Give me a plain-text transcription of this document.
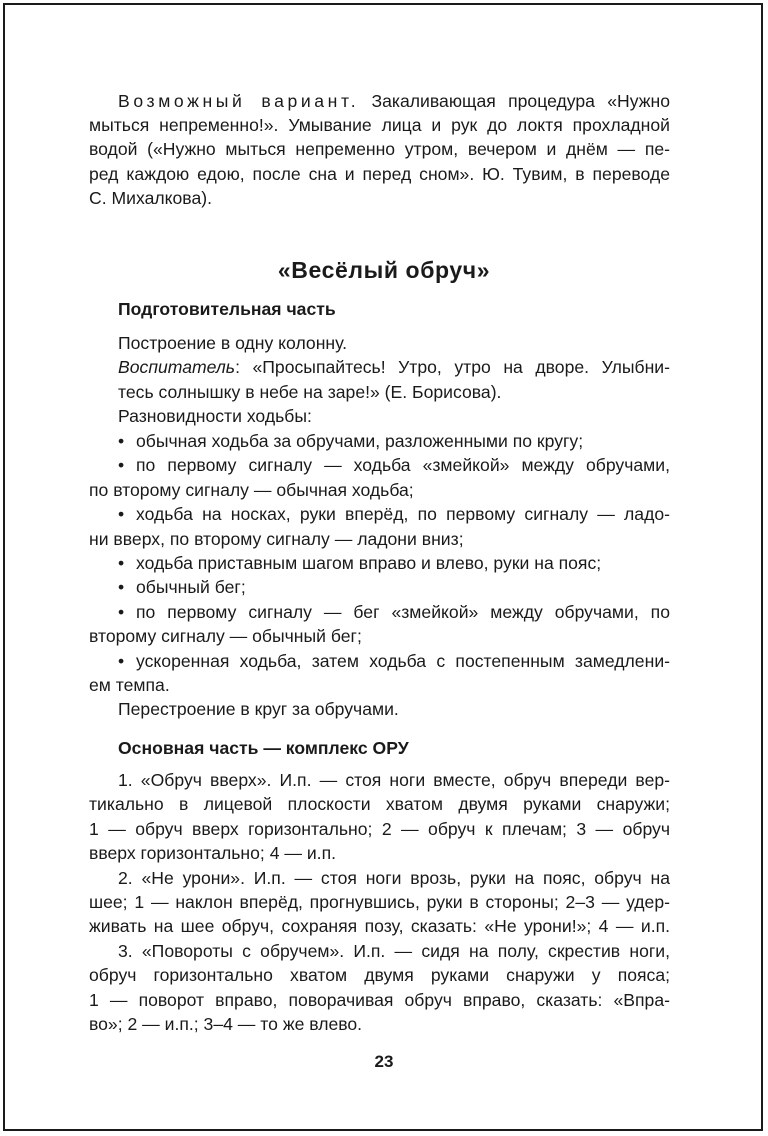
Возможный вариант. Закаливающая процедура «Нужно
мыться непременно!». Умывание лица и рук до локтя прохладной
водой («Нужно мыться непременно утром, вечером и днём — пе-
ред каждою едою, после сна и перед сном». Ю. Тувим, в переводе
С. Михалкова).
Подготовительная часть
Построение в одну колонну.
Воспитатель: «Просыпайтесь! Утро, утро на дворе. Улыбни-
тесь солнышку в небе на заре!» (Е. Борисова).
Разновидности ходьбы:
• обычная ходьба за обручами, разложенными по кругу;
• по первому сигналу — ходьба «змейкой» между обручами,
по второму сигналу — обычная ходьба;
• ходьба на носках, руки вперёд, по первому сигналу — ладо-
ни вверх, по второму сигналу — ладони вниз;
• ходьба приставным шагом вправо и влево, руки на пояс;
• обычный бег;
• по первому сигналу — бег «змейкой» между обручами, по
второму сигналу — обычный бег;
• ускоренная ходьба, затем ходьба с постепенным замедлени-
ем темпа.
Перестроение в круг за обручами.
Основная часть — комплекс ОРУ
1. «Обруч вверх». И.п. — стоя ноги вместе, обруч впереди вер-
тикально в лицевой плоскости хватом двумя руками снаружи;
1 — обруч вверх горизонтально; 2 — обруч к плечам; 3 — обруч
вверх горизонтально; 4 — и.п.
2. «Не урони». И.п. — стоя ноги врозь, руки на пояс, обруч на
шее; 1 — наклон вперёд, прогнувшись, руки в стороны; 2–3 — удер-
живать на шее обруч, сохраняя позу, сказать: «Не урони!»; 4 — и.п.
3. «Повороты с обручем». И.п. — сидя на полу, скрестив ноги,
обруч горизонтально хватом двумя руками снаружи у пояса;
1 — поворот вправо, поворачивая обруч вправо, сказать: «Впра-
во»; 2 — и.п.; 3–4 — то же влево.
«Весёлый обруч»
23
